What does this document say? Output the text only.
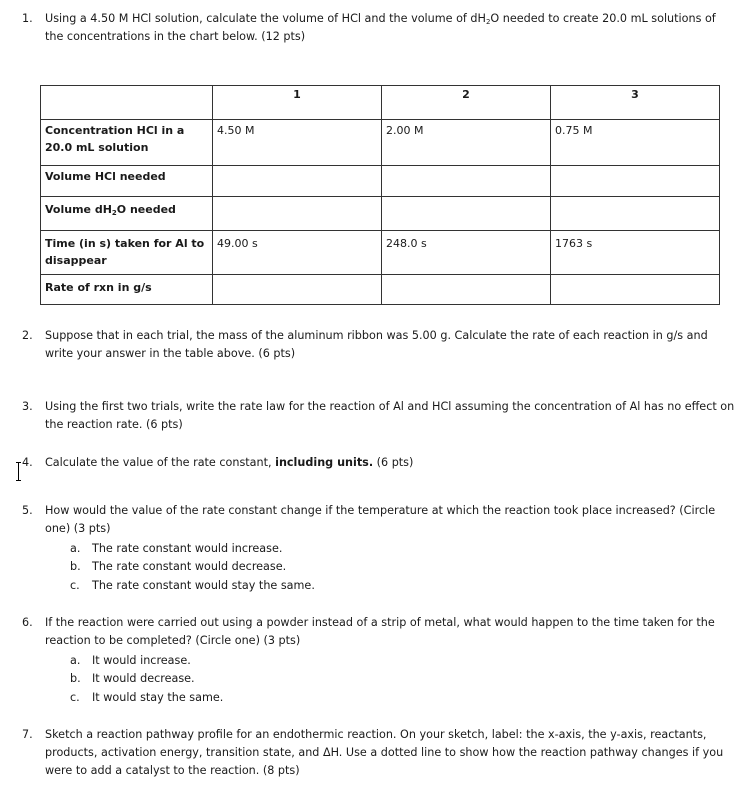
1. Using a 4.50 M HCl solution, calculate the volume of HCl and the volume of $dH_2O$ needed to create 20.0 mL solutions of
the concentrations in the chart below. (12 pts)
	1	2	3
Concentration HCl in a 20.0 mL solution	4.50 M	2.00 M	0.75 M
Volume HCl needed			
Volume $dH_2O$ needed			
Time (in s) taken for Al to disappear	49.00 s	248.0 s	1763 s
Rate of rxn in g/s			
2. Suppose that in each trial, the mass of the aluminum ribbon was 5.00 g. Calculate the rate of each reaction in g/s and
write your answer in the table above. (6 pts)
3. Using the first two trials, write the rate law for the reaction of Al and HCl assuming the concentration of Al has no effect on
the reaction rate. (6 pts)
4. Calculate the value of the rate constant, including units. (6 pts)
5. How would the value of the rate constant change if the temperature at which the reaction took place increased? (Circle
one) (3 pts)
a. The rate constant would increase.
b. The rate constant would decrease.
c. The rate constant would stay the same.
6. If the reaction were carried out using a powder instead of a strip of metal, what would happen to the time taken for the
reaction to be completed? (Circle one) (3 pts)
a. It would increase.
b. It would decrease.
c. It would stay the same.
7. Sketch a reaction pathway profile for an endothermic reaction. On your sketch, label: the x-axis, the y-axis, reactants,
products, activation energy, transition state, and ΔH. Use a dotted line to show how the reaction pathway changes if you
were to add a catalyst to the reaction. (8 pts)
